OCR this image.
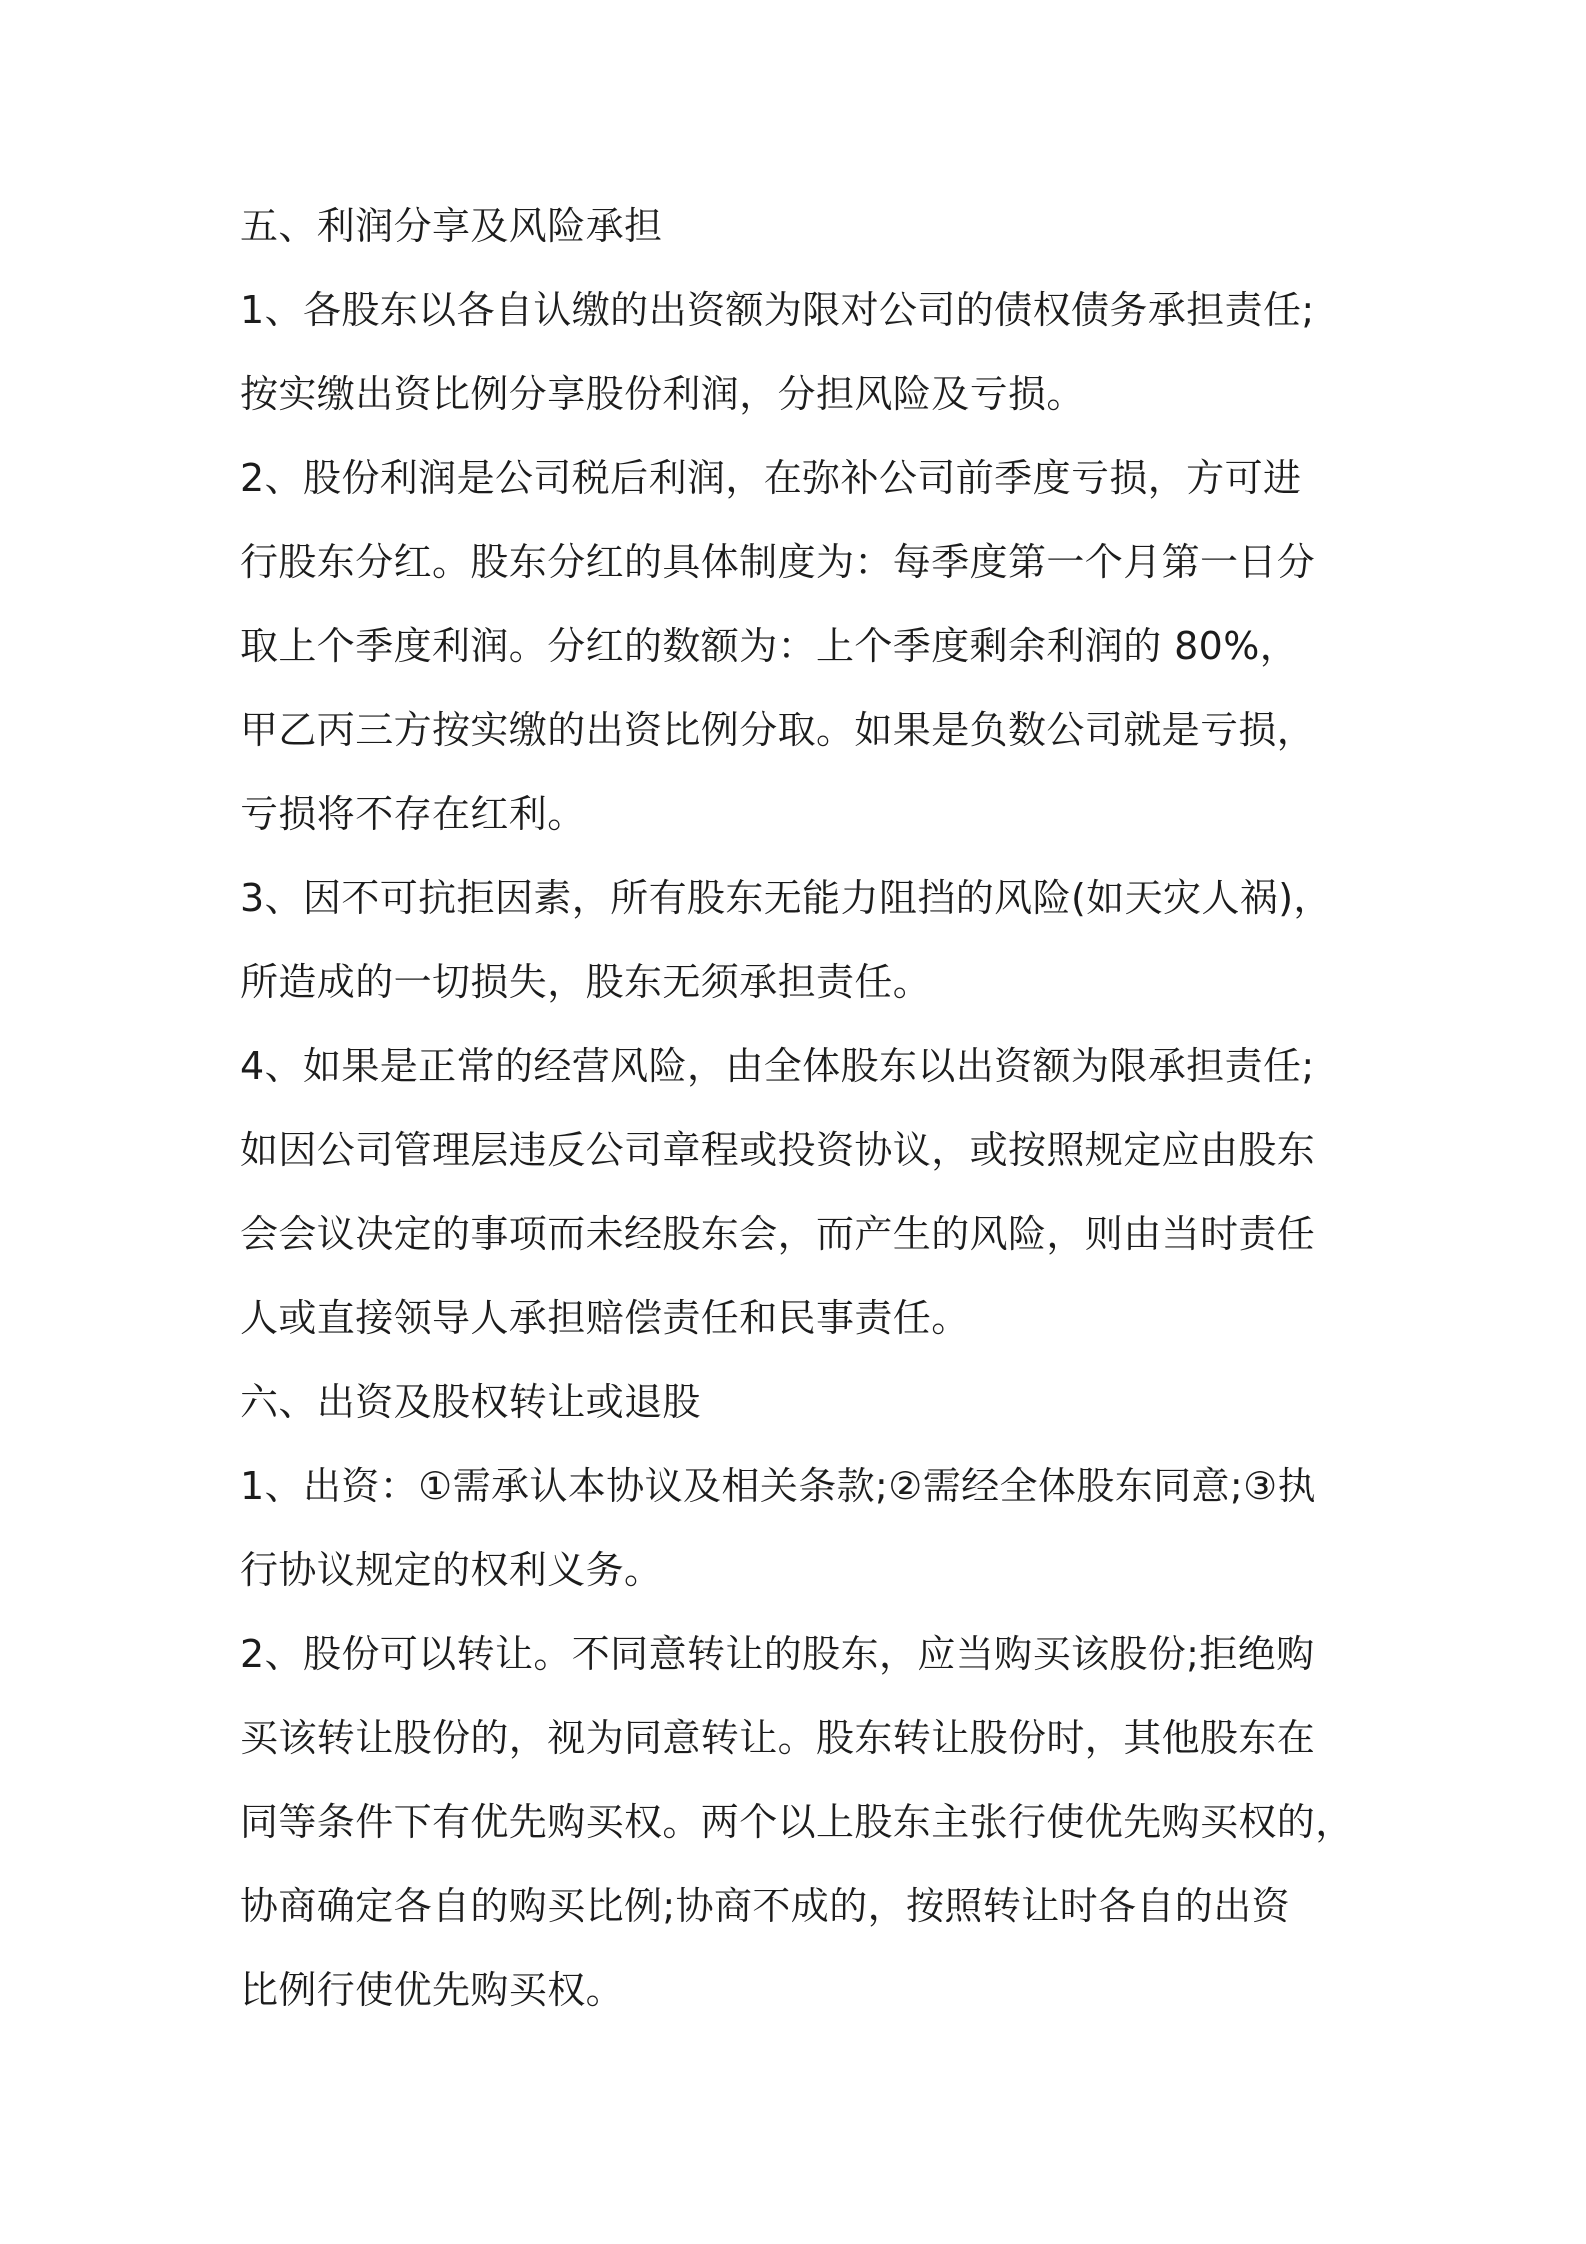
五、利润分享及风险承担
1、各股东以各自认缴的出资额为限对公司的债权债务承担责任;
按实缴出资比例分享股份利润，分担风险及亏损。
2、股份利润是公司税后利润，在弥补公司前季度亏损，方可进
行股东分红。股东分红的具体制度为：每季度第一个月第一日分
取上个季度利润。分红的数额为：上个季度剩余利润的 80%，
甲乙丙三方按实缴的出资比例分取。如果是负数公司就是亏损，
亏损将不存在红利。
3、因不可抗拒因素，所有股东无能力阻挡的风险(如天灾人祸)，
所造成的一切损失，股东无须承担责任。
4、如果是正常的经营风险，由全体股东以出资额为限承担责任;
如因公司管理层违反公司章程或投资协议，或按照规定应由股东
会会议决定的事项而未经股东会，而产生的风险，则由当时责任
人或直接领导人承担赔偿责任和民事责任。
六、出资及股权转让或退股
1、出资：①需承认本协议及相关条款;②需经全体股东同意;③执
行协议规定的权利义务。
2、股份可以转让。不同意转让的股东，应当购买该股份;拒绝购
买该转让股份的，视为同意转让。股东转让股份时，其他股东在
同等条件下有优先购买权。两个以上股东主张行使优先购买权的，
协商确定各自的购买比例;协商不成的，按照转让时各自的出资
比例行使优先购买权。
